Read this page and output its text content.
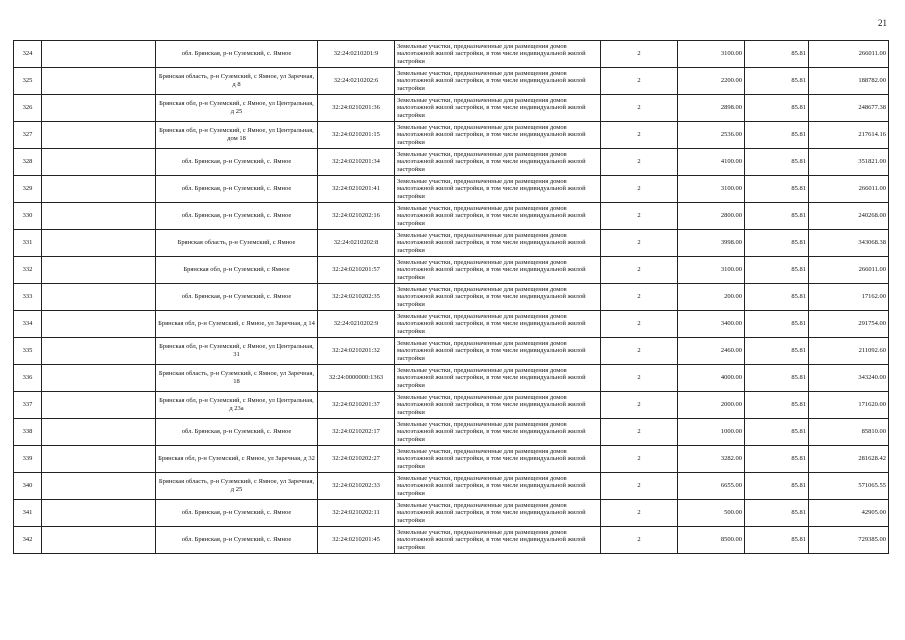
21
324		обл. Брянская, р-н Суземский, с. Ямное	32:24:0210201:9	Земельные участки, предназначенные для размещения домов малоэтажной жилой застройки, в том числе индивидуальной жилой застройки	2	3100.00	85.81	266011.00
325		Брянская область, р-н Суземский, с Ямное, ул Заречная, д 8	32:24:0210202:6	Земельные участки, предназначенные для размещения домов малоэтажной жилой застройки, в том числе индивидуальной жилой застройки	2	2200.00	85.81	188782.00
326		Брянская обл, р-н Суземский, с Ямное, ул Центральная, д 25	32:24:0210201:36	Земельные участки, предназначенные для размещения домов малоэтажной жилой застройки, в том числе индивидуальной жилой застройки	2	2898.00	85.81	248677.38
327		Брянская обл, р-н Суземский, с Ямное, ул Центральная, дом 18	32:24:0210201:15	Земельные участки, предназначенные для размещения домов малоэтажной жилой застройки, в том числе индивидуальной жилой застройки	2	2536.00	85.81	217614.16
328		обл. Брянская, р-н Суземский, с. Ямное	32:24:0210201:34	Земельные участки, предназначенные для размещения домов малоэтажной жилой застройки, в том числе индивидуальной жилой застройки	2	4100.00	85.81	351821.00
329		обл. Брянская, р-н Суземский, с. Ямное	32:24:0210201:41	Земельные участки, предназначенные для размещения домов малоэтажной жилой застройки, в том числе индивидуальной жилой застройки	2	3100.00	85.81	266011.00
330		обл. Брянская, р-н Суземский, с. Ямное	32:24:0210202:16	Земельные участки, предназначенные для размещения домов малоэтажной жилой застройки, в том числе индивидуальной жилой застройки	2	2800.00	85.81	240268.00
331		Брянская область, р-н Суземский, с Ямное	32:24:0210202:8	Земельные участки, предназначенные для размещения домов малоэтажной жилой застройки, в том числе индивидуальной жилой застройки	2	3998.00	85.81	343068.38
332		Брянская обл, р-н Суземский, с Ямное	32:24:0210201:57	Земельные участки, предназначенные для размещения домов малоэтажной жилой застройки, в том числе индивидуальной жилой застройки	2	3100.00	85.81	266011.00
333		обл. Брянская, р-н Суземский, с. Ямное	32:24:0210202:35	Земельные участки, предназначенные для размещения домов малоэтажной жилой застройки, в том числе индивидуальной жилой застройки	2	200.00	85.81	17162.00
334		Брянская обл, р-н Суземский, с Ямное, ул Заречная, д 14	32:24:0210202:9	Земельные участки, предназначенные для размещения домов малоэтажной жилой застройки, в том числе индивидуальной жилой застройки	2	3400.00	85.81	291754.00
335		Брянская обл, р-н Суземский, с Ямное, ул Центральная, 31	32:24:0210201:32	Земельные участки, предназначенные для размещения домов малоэтажной жилой застройки, в том числе индивидуальной жилой застройки	2	2460.00	85.81	211092.60
336		Брянская область, р-н Суземский, с Ямное, ул Заречная, 18	32:24:0000000:1363	Земельные участки, предназначенные для размещения домов малоэтажной жилой застройки, в том числе индивидуальной жилой застройки	2	4000.00	85.81	343240.00
337		Брянская обл, р-н Суземский, с Ямное, ул Центральная, д 23а	32:24:0210201:37	Земельные участки, предназначенные для размещения домов малоэтажной жилой застройки, в том числе индивидуальной жилой застройки	2	2000.00	85.81	171620.00
338		обл. Брянская, р-н Суземский, с. Ямное	32:24:0210202:17	Земельные участки, предназначенные для размещения домов малоэтажной жилой застройки, в том числе индивидуальной жилой застройки	2	1000.00	85.81	85810.00
339		Брянская обл, р-н Суземский, с Ямное, ул Заречная, д 32	32:24:0210202:27	Земельные участки, предназначенные для размещения домов малоэтажной жилой застройки, в том числе индивидуальной жилой застройки	2	3282.00	85.81	281628.42
340		Брянская область, р-н Суземский, с Ямное, ул Заречная, д 25	32:24:0210202:33	Земельные участки, предназначенные для размещения домов малоэтажной жилой застройки, в том числе индивидуальной жилой застройки	2	6655.00	85.81	571065.55
341		обл. Брянская, р-н Суземский, с. Ямное	32:24:0210202:11	Земельные участки, предназначенные для размещения домов малоэтажной жилой застройки, в том числе индивидуальной жилой застройки	2	500.00	85.81	42905.00
342		обл. Брянская, р-н Суземский, с. Ямное	32:24:0210201:45	Земельные участки, предназначенные для размещения домов малоэтажной жилой застройки, в том числе индивидуальной жилой застройки	2	8500.00	85.81	729385.00
